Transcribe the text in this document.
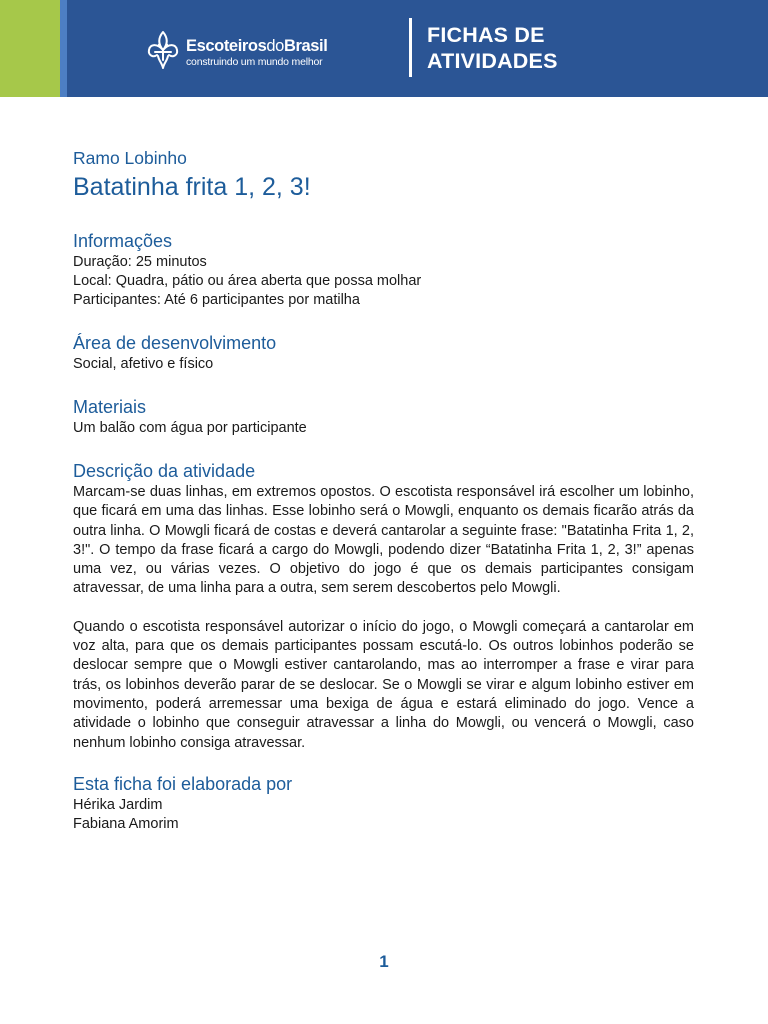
EscoteirosdoBrasil
construindo um mundo melhor
FICHAS DE
ATIVIDADES
Ramo Lobinho
Batatinha frita 1, 2, 3!
Informações
Duração: 25 minutos
Local: Quadra, pátio ou área aberta que possa molhar
Participantes: Até 6 participantes por matilha
Área de desenvolvimento
Social, afetivo e físico
Materiais
Um balão com água por participante
Descrição da atividade
Marcam-se duas linhas, em extremos opostos. O escotista responsável irá escolher um lobinho, que ficará em uma das linhas. Esse lobinho será o Mowgli, enquanto os demais ficarão atrás da outra linha. O Mowgli ficará de costas e deverá cantarolar a seguinte frase: "Batatinha Frita 1, 2, 3!". O tempo da frase ficará a cargo do Mowgli, podendo dizer “Batatinha Frita 1, 2, 3!” apenas uma vez, ou várias vezes. O objetivo do jogo é que os demais participantes consigam atravessar, de uma linha para a outra, sem serem descobertos pelo Mowgli.
Quando o escotista responsável autorizar o início do jogo, o Mowgli começará a cantarolar em voz alta, para que os demais participantes possam escutá-lo. Os outros lobinhos poderão se deslocar sempre que o Mowgli estiver cantarolando, mas ao interromper a frase e virar para trás, os lobinhos deverão parar de se deslocar. Se o Mowgli se virar e algum lobinho estiver em movimento, poderá arremessar uma bexiga de água e estará eliminado do jogo. Vence a atividade o lobinho que conseguir atravessar a linha do Mowgli, ou vencerá o Mowgli, caso nenhum lobinho consiga atravessar.
Esta ficha foi elaborada por
Hérika Jardim
Fabiana Amorim
1
